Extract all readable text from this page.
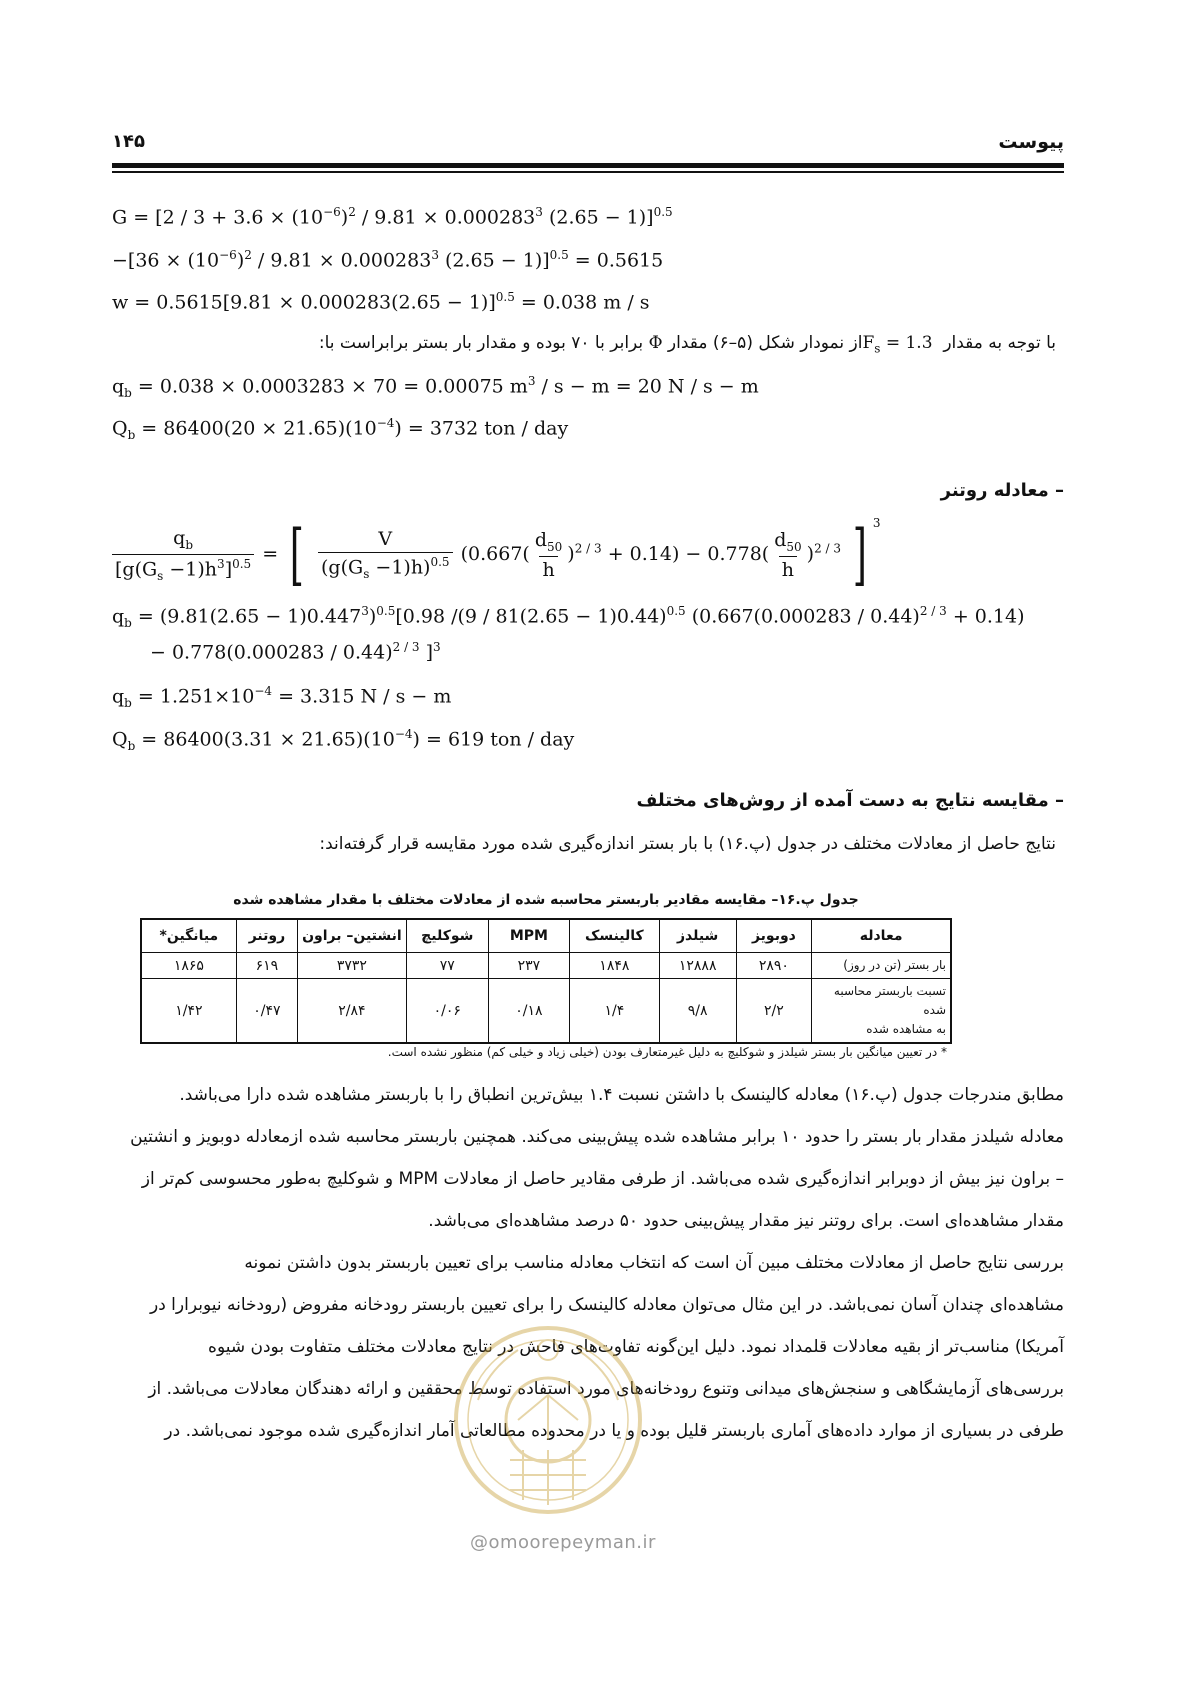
پیوست
۱۴۵
$G = [2 / 3 + 3.6 \times (10^{-6})^2 / 9.81 \times 0.000283^3$ (2.65 − 1)]$^{0.5}$
$-[36 \times (10^{-6})^2 / 9.81 \times 0.000283^3$ (2.65 − 1)]$^{0.5}$ = 0.5615
$w = 0.5615[9.81 \times 0.000283(2.65 - 1)]^{0.5} = 0.038$ m / s
با توجه به مقدار $F_s = 1.3$ از نمودار شکل (۵–۶) مقدار Φ برابر با ۷۰ بوده و مقدار بار بستر برابراست با:
$q_b = 0.038 \times 0.0003283 \times 70 = 0.00075$ $m^3 / s - m = 20$ N / s − m
$Q_b = 86400(20 \times 21.65)(10^{-4}) = 3732$ ton / day
– معادله روتنر
$\frac{q_b}{[g(G_s -1)h^3]^{0.5}}$ = [ $\frac{V}{(g(G_s -1)h)^{0.5}} (0.667( \frac{d_{50}}{h} )^{2 / 3} + 0.14) - 0.778( \frac{d_{50}}{h} )^{2 / 3}$ ] $^3$
$q_b = (9.81(2.65 - 1)0.447^3)^{0.5}[0.98$ $/(9 / 81(2.65 - 1)0.44)^{0.5}$ (0.667(0.000283 / 0.44)$^{2 / 3}$ + 0.14)
− 0.778(0.000283 / 0.44)$^{2 / 3}$ ]$^3$
$q_b = 1.251\times 10^{-4} = 3.315$ N / s − m
$Q_b = 86400(3.31 \times 21.65)(10^{-4}) = 619$ ton / day
– مقایسه نتایج به دست آمده از روش‌های مختلف
نتایج حاصل از معادلات مختلف در جدول (پ.۱۶) با بار بستر اندازه‌گیری شده مورد مقایسه قرار گرفته‌اند:
جدول پ.۱۶– مقایسه مقادیر باربستر محاسبه شده از معادلات مختلف با مقدار مشاهده شده
معادله	دوبویز	شیلدز	کالینسک	MPM	شوکلیچ	انشتین– براون	روتنر	میانگین*
بار بستر (تن در روز)	۲۸۹۰	۱۲۸۸۸	۱۸۴۸	۲۳۷	۷۷	۳۷۳۲	۶۱۹	۱۸۶۵

تسبت باربستر محاسبه شده
به مشاهده شده	۲/۲	۹/۸	۱/۴	۰/۱۸	۰/۰۶	۲/۸۴	۰/۴۷	۱/۴۲
* در تعیین میانگین بار بستر شیلدز و شوکلیچ به دلیل غیرمتعارف بودن (خیلی زیاد و خیلی کم) منظور نشده است.
مطابق مندرجات جدول (پ.۱۶) معادله کالینسک با داشتن نسبت ۱.۴ بیش‌ترین انطباق را با باربستر مشاهده شده دارا می‌باشد.
معادله شیلدز مقدار بار بستر را حدود ۱۰ برابر مشاهده شده پیش‌بینی می‌کند. همچنین باربستر محاسبه شده ازمعادله دوبویز و انشتین
– براون نیز بیش از دوبرابر اندازه‌گیری شده می‌باشد. از طرفی مقادیر حاصل از معادلات MPM و شوکلیچ به‌طور محسوسی کم‌تر از
مقدار مشاهده‌ای است. برای روتنر نیز مقدار پیش‌بینی حدود ۵۰ درصد مشاهده‌ای می‌باشد.
بررسی نتایج حاصل از معادلات مختلف مبین آن است که انتخاب معادله مناسب برای تعیین باربستر بدون داشتن نمونه
مشاهده‌ای چندان آسان نمی‌باشد. در این مثال می‌توان معادله کالینسک را برای تعیین باربستر رودخانه مفروض (رودخانه نیوبرارا در
آمریکا) مناسب‌تر از بقیه معادلات قلمداد نمود. دلیل این‌گونه تفاوت‌های فاحش در نتایج معادلات مختلف متفاوت بودن شیوه
بررسی‌های آزمایشگاهی و سنجش‌های میدانی وتنوع رودخانه‌های مورد استفاده توسط محققین و ارائه دهندگان معادلات می‌باشد. از
طرفی در بسیاری از موارد داده‌های آماری باربستر قلیل بوده و یا در محدوده مطالعاتی آمار اندازه‌گیری شده موجود نمی‌باشد. در
@omoorepeyman.ir
